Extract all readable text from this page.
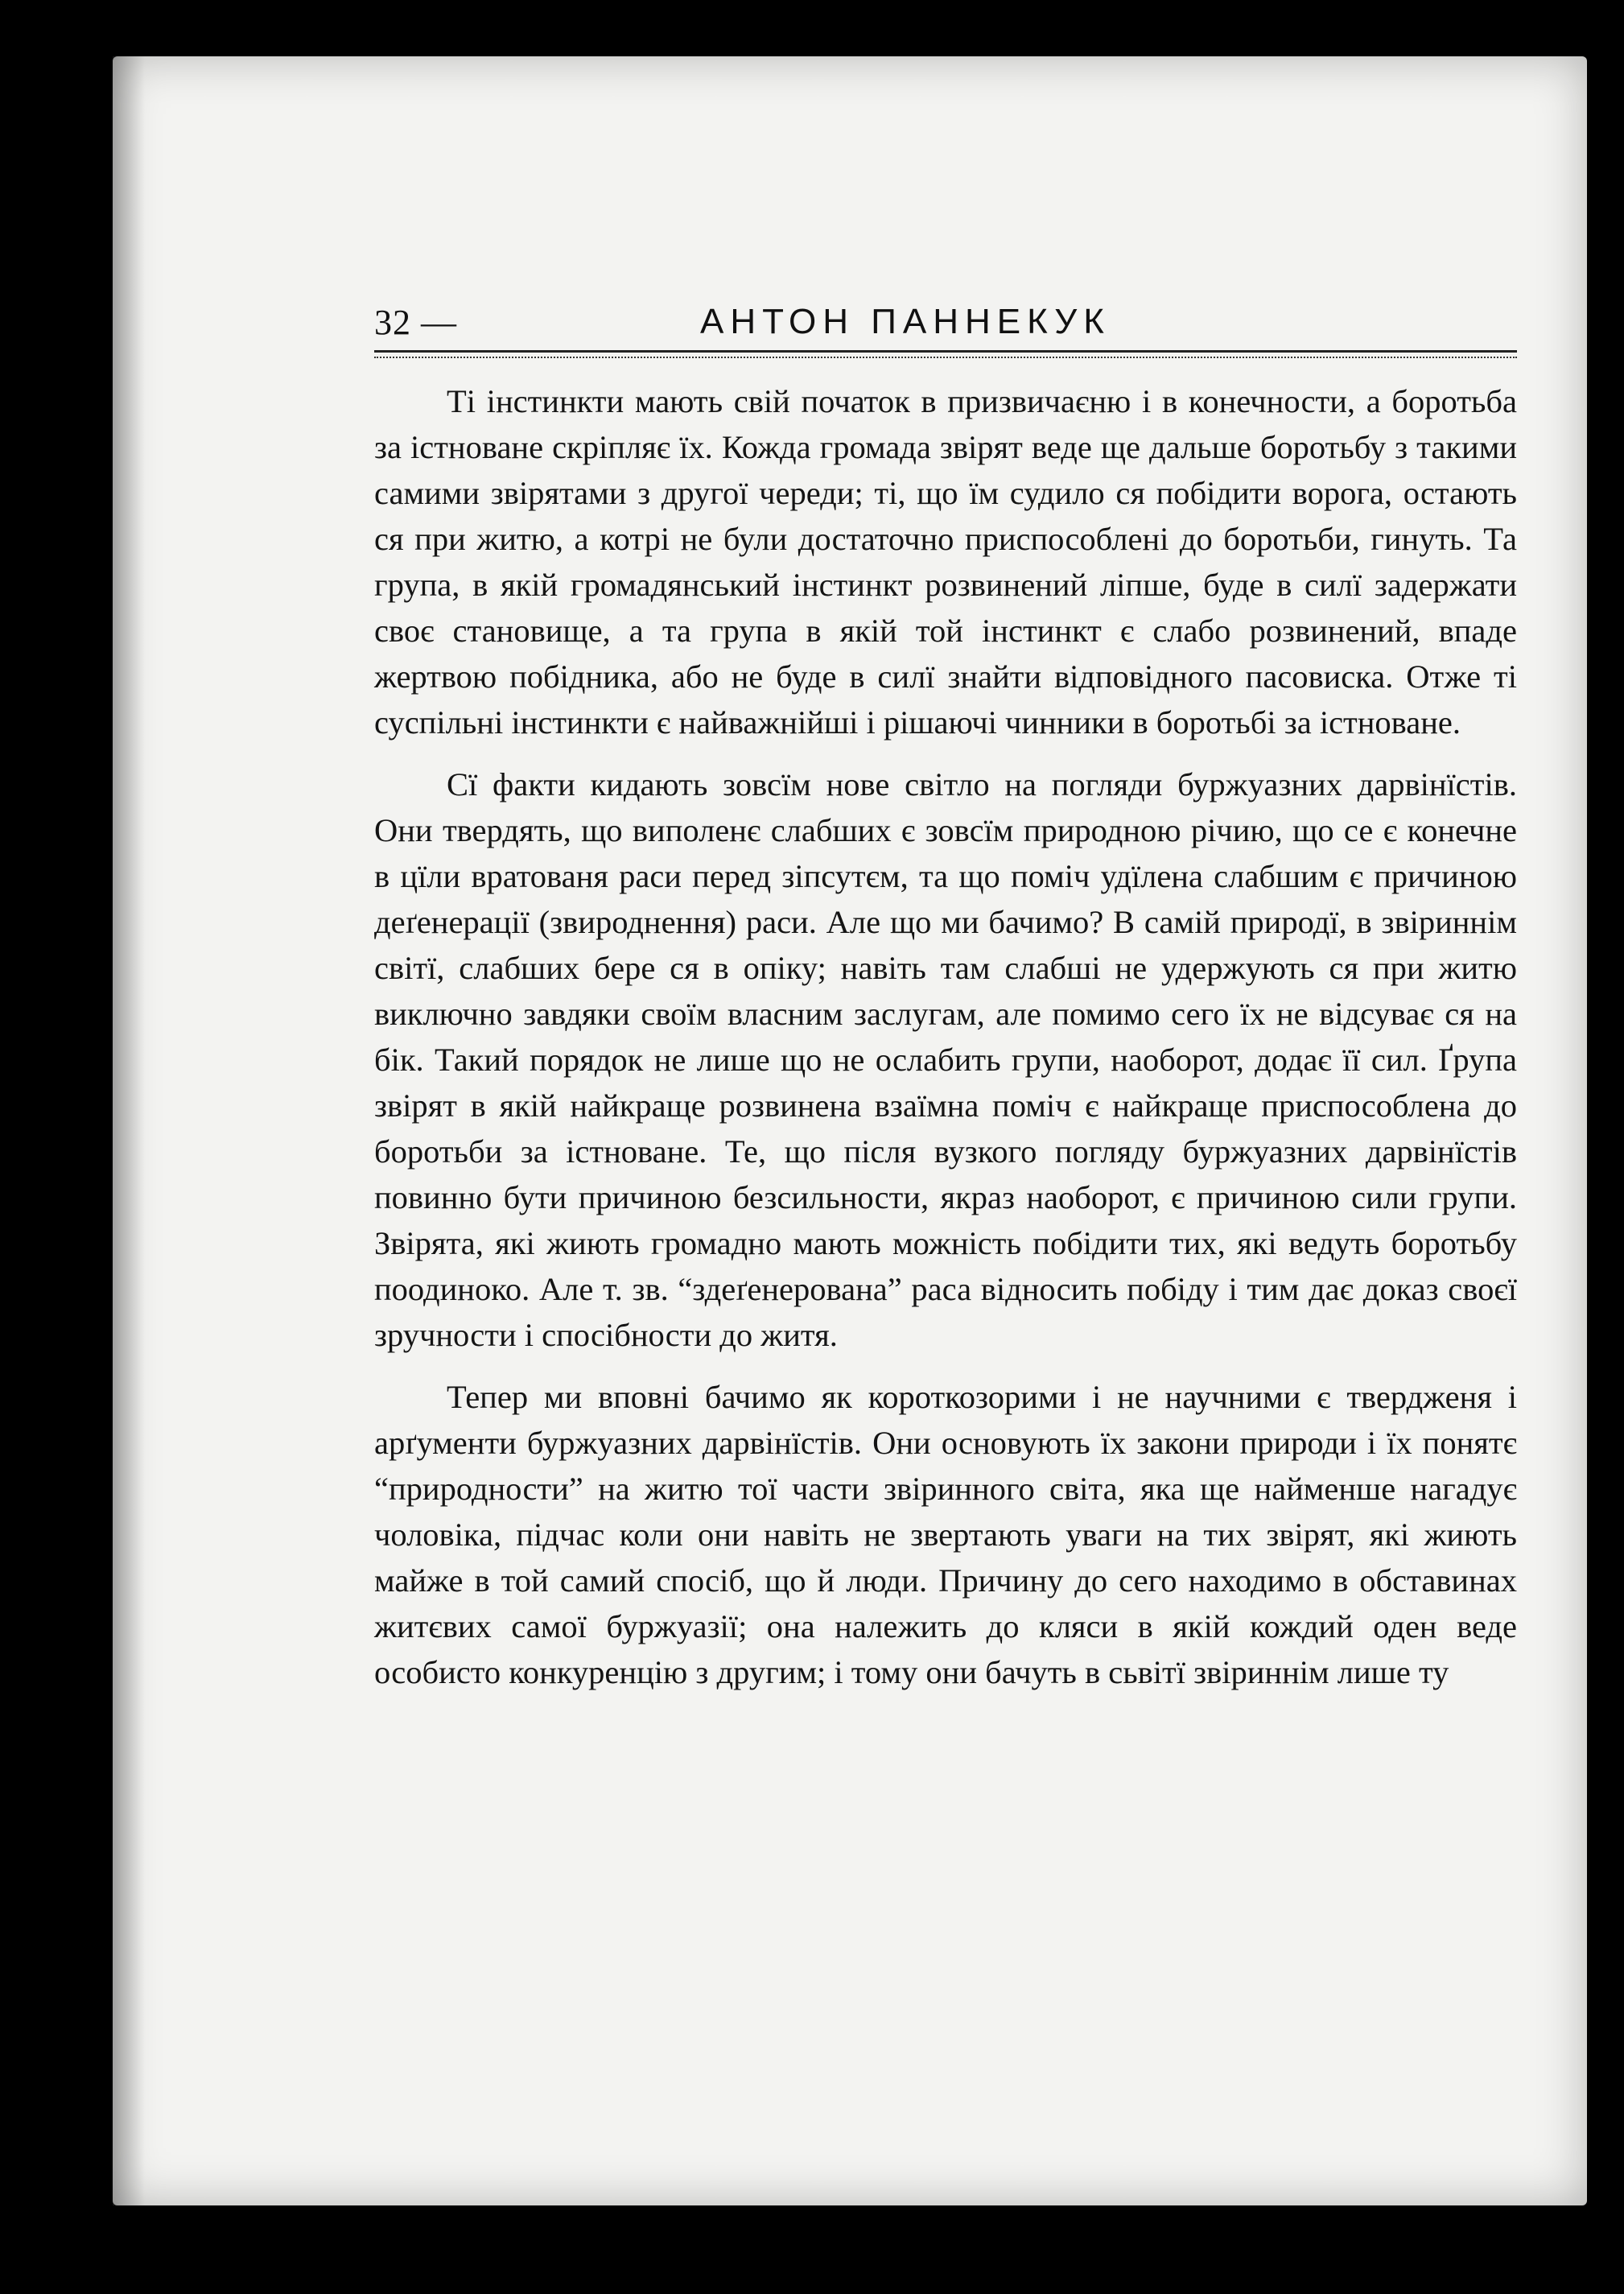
32 —	АНТОН ПАННЕКУК

Ті інстинкти мають свій початок в призвичаєню і в конечности, а боротьба за істноване скріпляє їх. Кожда громада звірят веде ще дальше боротьбу з такими самими звірятами з другої череди; ті, що їм судило ся побідити ворога, остають ся при житю, а котрі не були достаточно приспособлені до боротьби, гинуть. Та група, в якій громадянський інстинкт розвинений ліпше, буде в силї задержати своє становище, а та група в якій той інстинкт є слабо розвинений, впаде жертвою побідника, або не буде в силї знайти відповідного пасовиска. Отже ті суспільні інстинкти є найважнійші і рішаючі чинники в боротьбі за істноване.

Сї факти кидають зовсїм нове світло на погляди буржуазних дарвінїстів. Они твердять, що виполенє слабших є зовсїм природною річию, що се є конечне в цїли вратованя раси перед зіпсутєм, та що поміч удїлена слабшим є причиною деґенерації (звироднення) раси. Але що ми бачимо? В самій природї, в звіриннім світї, слабших бере ся в опіку; навіть там слабші не удержують ся при житю виключно завдяки своїм власним заслугам, але помимо сего їх не відсуває ся на бік. Такий порядок не лише що не ослабить групи, наоборот, додає її сил. Ґрупа звірят в якій найкраще розвинена взаїмна поміч є найкраще приспособлена до боротьби за істноване. Те, що після вузкого погляду буржуазних дарвінїстів повинно бути причиною безсильности, якраз наоборот, є причиною сили групи. Звірята, які жиють громадно мають можність побідити тих, які ведуть боротьбу поодиноко. Але т. зв. “здеґенерована” раса відносить побіду і тим дає доказ своєї зручности і спосібности до житя.

Тепер ми вповні бачимо як короткозорими і не научними є твердженя і арґументи буржуазних дарвінїстів. Они основують їх закони природи і їх понятє “природности” на житю тої части звіринного світа, яка ще найменше нагадує чоловіка, підчас коли они навіть не звертають уваги на тих звірят, які жиють майже в той самий спосіб, що й люди. Причину до сего находимо в обставинах житєвих самої буржуазії; она належить до кляси в якій кождий оден веде особисто конкуренцію з другим; і тому они бачуть в сьвітї звіриннім лише ту
